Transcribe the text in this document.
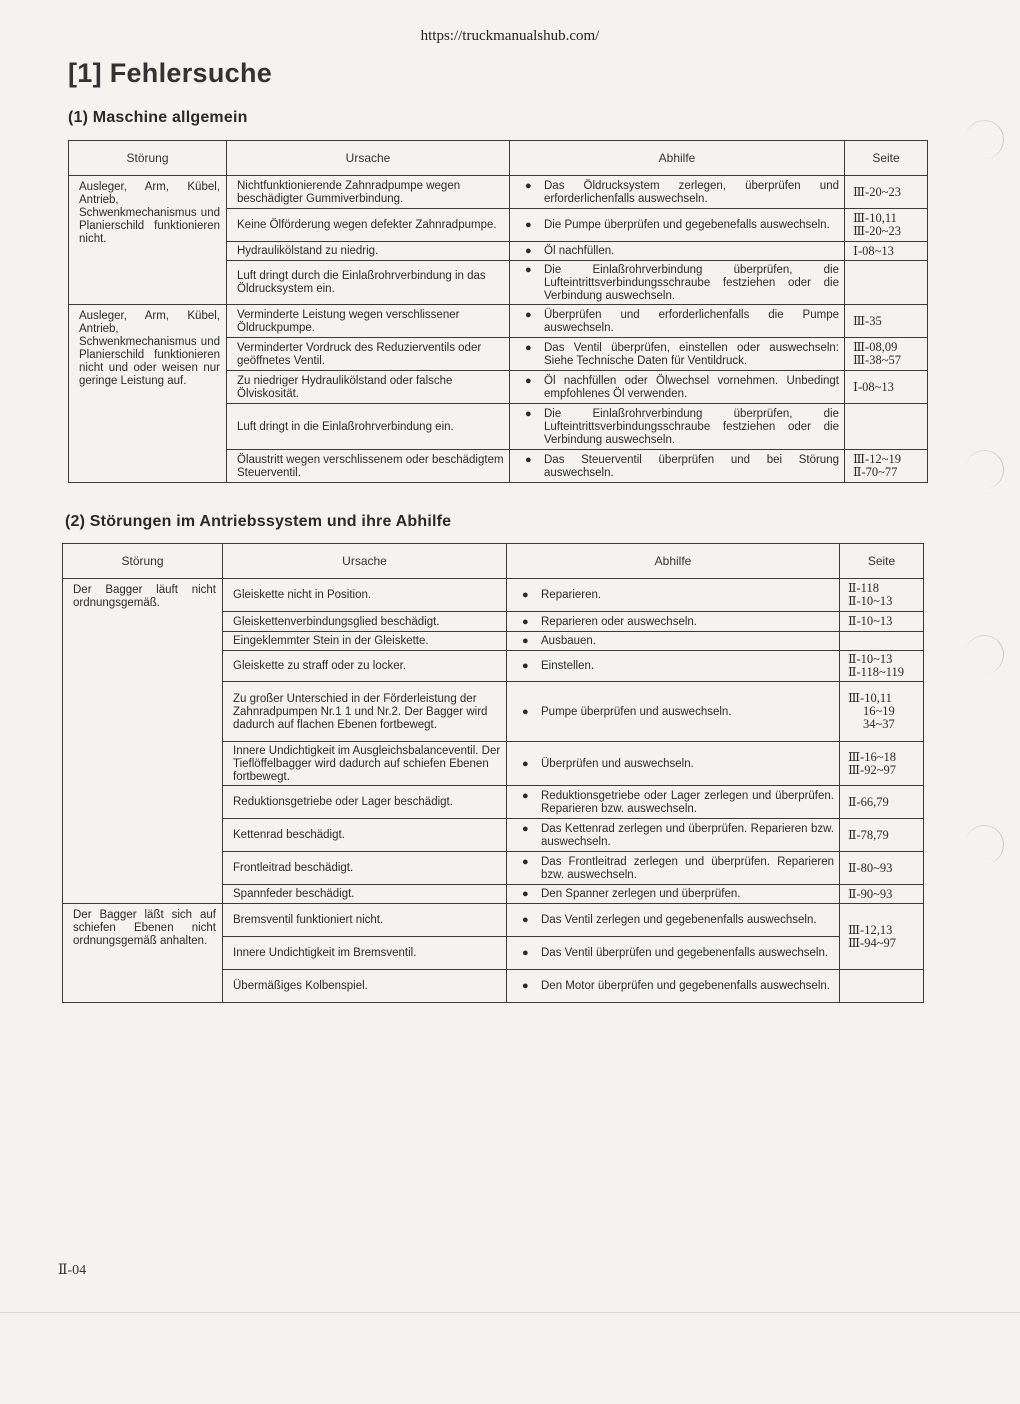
https://truckmanualshub.com/
[1] Fehlersuche
(1) Maschine allgemein
Störung	Ursache	Abhilfe	Seite
Ausleger, Arm, Kübel, Antrieb, Schwenkmechanismus und Planierschild funktionieren nicht.	Nichtfunktionierende Zahnradpumpe wegen beschädigter Gummiverbindung.	● Das Öldrucksystem zerlegen, überprüfen und erforderlichenfalls auswechseln.	Ⅲ-20~23

	Keine Ölförderung wegen defekter Zahnradpumpe.	● Die Pumpe überprüfen und gegebenefalls auswechseln.	Ⅲ-10,11
Ⅲ-20~23

	Hydraulikölstand zu niedrig.	● Öl nachfüllen.	Ⅰ-08~13

	Luft dringt durch die Einlaßrohrverbindung in das Öldrucksystem ein.	● Die Einlaßrohrverbindung überprüfen, die Lufteintrittsverbindungsschraube festziehen oder die Verbindung auswechseln.	

Ausleger, Arm, Kübel, Antrieb, Schwenkmechanismus und Planierschild funktionieren nicht und oder weisen nur geringe Leistung auf.	Verminderte Leistung wegen verschlissener Öldruckpumpe.	● Überprüfen und erforderlichenfalls die Pumpe auswechseln.	Ⅲ-35

	Verminderter Vordruck des Reduzierventils oder geöffnetes Ventil.	● Das Ventil überprüfen, einstellen oder auswechseln: Siehe Technische Daten für Ventildruck.	Ⅲ-08,09
Ⅲ-38~57

	Zu niedriger Hydraulikölstand oder falsche Ölviskosität.	● Öl nachfüllen oder Ölwechsel vornehmen. Unbedingt empfohlenes Öl verwenden.	Ⅰ-08~13

	Luft dringt in die Einlaßrohrverbindung ein.	● Die Einlaßrohrverbindung überprüfen, die Lufteintrittsverbindungsschraube festziehen oder die Verbindung auswechseln.	

	Ölaustritt wegen verschlissenem oder beschädigtem Steuerventil.	● Das Steuerventil überprüfen und bei Störung auswechseln.	Ⅲ-12~19
Ⅱ-70~77
(2) Störungen im Antriebssystem und ihre Abhilfe
Störung	Ursache	Abhilfe	Seite
Der Bagger läuft nicht ordnungsgemäß.	Gleiskette nicht in Position.	● Reparieren.	Ⅱ-118
Ⅱ-10~13

	Gleiskettenverbindungsglied beschädigt.	● Reparieren oder auswechseln.	Ⅱ-10~13

	Eingeklemmter Stein in der Gleiskette.	● Ausbauen.	

	Gleiskette zu straff oder zu locker.	● Einstellen.	Ⅱ-10~13
Ⅱ-118~119

	Zu großer Unterschied in der Förderleistung der Zahnradpumpen Nr.1 1 und Nr.2. Der Bagger wird dadurch auf flachen Ebenen fortbewegt.	● Pumpe überprüfen und auswechseln.	Ⅲ-10,11
16~19
34~37

	Innere Undichtigkeit im Ausgleichsbalanceventil. Der Tieflöffelbagger wird dadurch auf schiefen Ebenen fortbewegt.	● Überprüfen und auswechseln.	Ⅲ-16~18
Ⅲ-92~97

	Reduktionsgetriebe oder Lager beschädigt.	● Reduktionsgetriebe oder Lager zerlegen und überprüfen. Reparieren bzw. auswechseln.	Ⅱ-66,79

	Kettenrad beschädigt.	● Das Kettenrad zerlegen und überprüfen. Reparieren bzw. auswechseln.	Ⅱ-78,79

	Frontleitrad beschädigt.	● Das Frontleitrad zerlegen und überprüfen. Reparieren bzw. auswechseln.	Ⅱ-80~93

	Spannfeder beschädigt.	● Den Spanner zerlegen und überprüfen.	Ⅱ-90~93

Der Bagger läßt sich auf schiefen Ebenen nicht ordnungsgemäß anhalten.	Bremsventil funktioniert nicht.	● Das Ventil zerlegen und gegebenenfalls auswechseln.	Ⅲ-12,13
Ⅲ-94~97

	Innere Undichtigkeit im Bremsventil.	● Das Ventil überprüfen und gegebenenfalls auswechseln.	

	Übermäßiges Kolbenspiel.	● Den Motor überprüfen und gegebenenfalls auswechseln.	

Ⅱ-04
